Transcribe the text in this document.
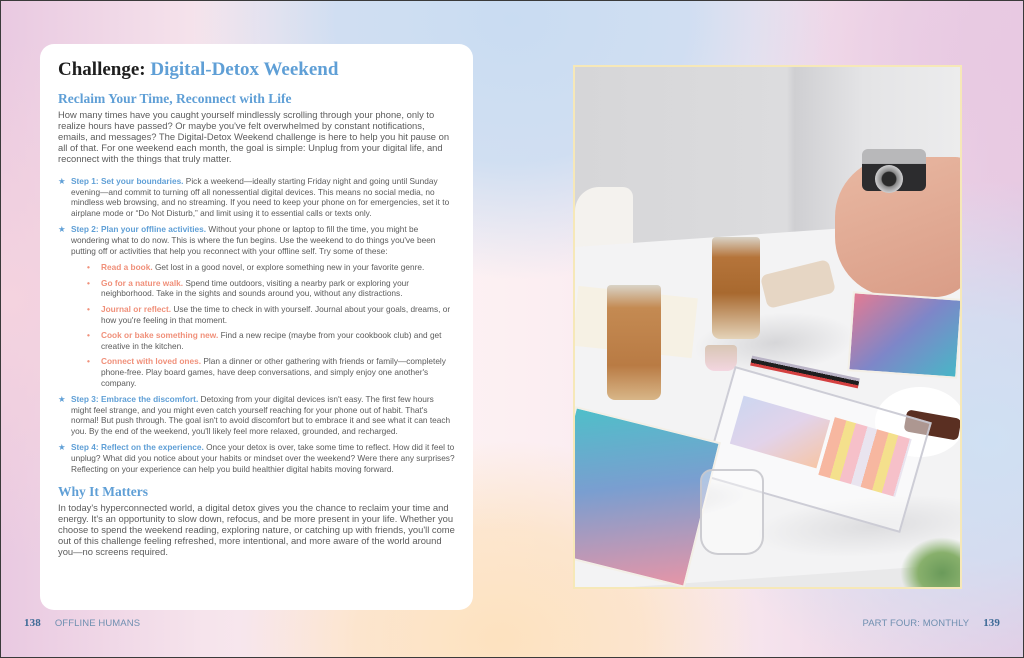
Challenge: Digital-Detox Weekend
Reclaim Your Time, Reconnect with Life

How many times have you caught yourself mindlessly scrolling through your phone, only to realize hours have passed? Or maybe you've felt overwhelmed by constant notifications, emails, and messages? The Digital-Detox Weekend challenge is here to help you hit pause on all of that. For one weekend each month, the goal is simple: Unplug from your digital life, and reconnect with the things that truly matter.

★ Step 1: Set your boundaries. Pick a weekend—ideally starting Friday night and going until Sunday evening—and commit to turning off all nonessential digital devices. This means no social media, no mindless web browsing, and no streaming. If you need to keep your phone on for emergencies, set it to airplane mode or “Do Not Disturb,” and limit using it to essential calls or texts only.
★ Step 2: Plan your offline activities. Without your phone or laptop to fill the time, you might be wondering what to do now. This is where the fun begins. Use the weekend to do things you've been putting off or activities that help you reconnect with your offline self. Try some of these:
• Read a book. Get lost in a good novel, or explore something new in your favorite genre.
• Go for a nature walk. Spend time outdoors, visiting a nearby park or exploring your neighborhood. Take in the sights and sounds around you, without any distractions.
• Journal or reflect. Use the time to check in with yourself. Journal about your goals, dreams, or how you're feeling in that moment.
• Cook or bake something new. Find a new recipe (maybe from your cookbook club) and get creative in the kitchen.
• Connect with loved ones. Plan a dinner or other gathering with friends or family—completely phone-free. Play board games, have deep conversations, and simply enjoy one another's company.
★ Step 3: Embrace the discomfort. Detoxing from your digital devices isn't easy. The first few hours might feel strange, and you might even catch yourself reaching for your phone out of habit. That's normal! But push through. The goal isn't to avoid discomfort but to embrace it and see what it can teach you. By the end of the weekend, you'll likely feel more relaxed, grounded, and recharged.
★ Step 4: Reflect on the experience. Once your detox is over, take some time to reflect. How did it feel to unplug? What did you notice about your habits or mindset over the weekend? Were there any surprises? Reflecting on your experience can help you build healthier digital habits moving forward.
Why It Matters

In today's hyperconnected world, a digital detox gives you the chance to reclaim your time and energy. It's an opportunity to slow down, refocus, and be more present in your life. Whether you choose to spend the weekend reading, exploring nature, or catching up with friends, you'll come out of this challenge feeling refreshed, more intentional, and more aware of the world around you—no screens required.

138 OFFLINE HUMANS	PART FOUR: MONTHLY 139
